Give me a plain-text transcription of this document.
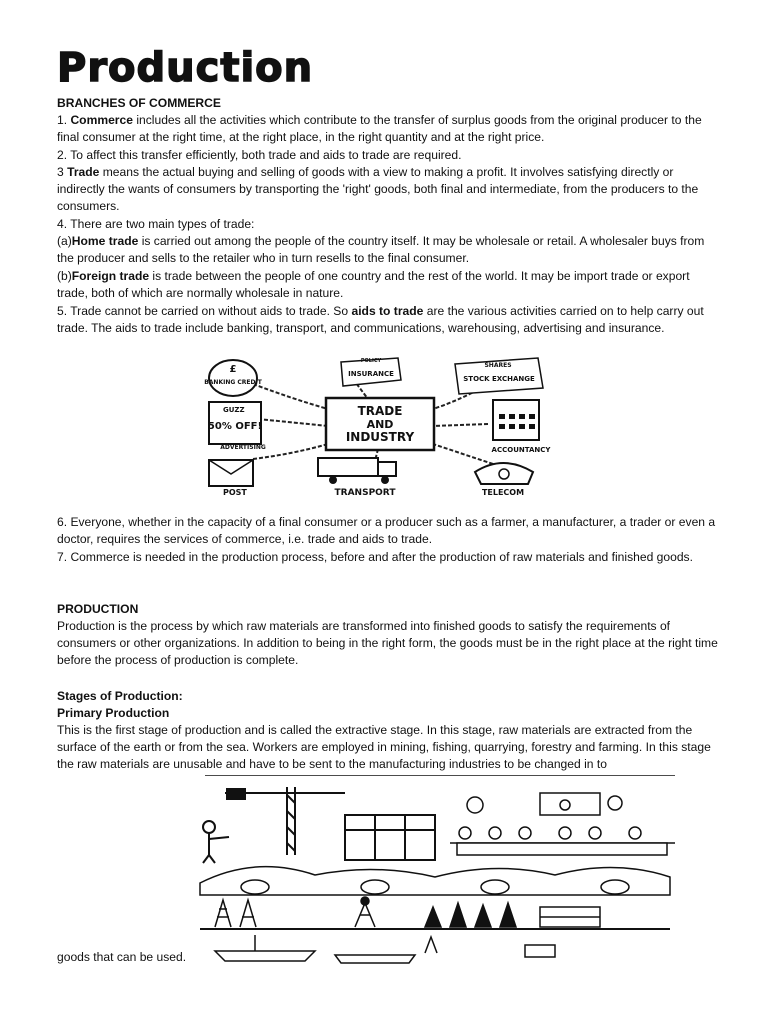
Production
BRANCHES OF COMMERCE
1. Commerce includes all the activities which contribute to the transfer of surplus goods from the original producer to the final consumer at the right time, at the right place, in the right quantity and at the right price.
2. To affect this transfer efficiently, both trade and aids to trade are required.
3 Trade means the actual buying and selling of goods with a view to making a profit. It involves satisfying directly or indirectly the wants of consumers by transporting the 'right' goods, both final and intermediate, from the producers to the consumers.
4. There are two main types of trade:
(a)Home trade is carried out among the people of the country itself. It may be wholesale or retail. A wholesaler buys from the producer and sells to the retailer who in turn resells to the final consumer.
(b)Foreign trade is trade between the people of one country and the rest of the world. It may be import trade or export trade, both of which are normally wholesale in nature.
5. Trade cannot be carried on without aids to trade. So aids to trade are the various activities carried on to help carry out trade. The aids to trade include banking, transport, and communications, warehousing, advertising and insurance.
TRADE
AND
INDUSTRY
£
BANKING CREDIT
POLICY
INSURANCE
SHARES
STOCK EXCHANGE
GUZZ
50% OFF!
ADVERTISING	ACCOUNTANCY
POST	TRANSPORT	TELECOM
6. Everyone, whether in the capacity of a final consumer or a producer such as a farmer, a manufacturer, a trader or even a doctor, requires the services of commerce, i.e. trade and aids to trade.
7. Commerce is needed in the production process, before and after the production of raw materials and finished goods.
PRODUCTION
Production is the process by which raw materials are transformed into finished goods to satisfy the requirements of consumers or other organizations. In addition to being in the right form, the goods must be in the right place at the right time before the process of production is complete.
Stages of Production:
Primary Production
This is the first stage of production and is called the extractive stage. In this stage, raw materials are extracted from the surface of the earth or from the sea. Workers are employed in mining, fishing, quarrying, forestry and farming. In this stage the raw materials are unusable and have to be sent to the manufacturing industries to be changed in to
goods that can be used.
